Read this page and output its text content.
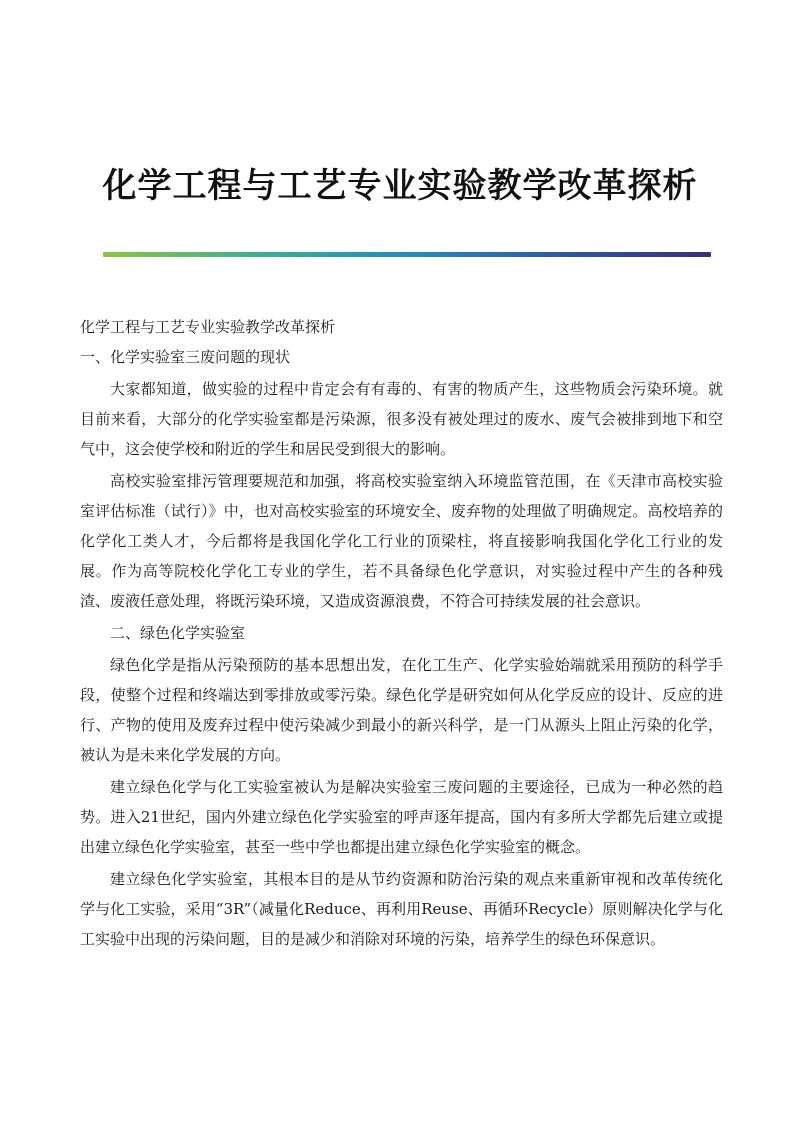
化学工程与工艺专业实验教学改革探析

化学工程与工艺专业实验教学改革探析

一、化学实验室三废问题的现状

大家都知道，做实验的过程中肯定会有有毒的、有害的物质产生，这些物质会污染环境。就目前来看，大部分的化学实验室都是污染源，很多没有被处理过的废水、废气会被排到地下和空气中，这会使学校和附近的学生和居民受到很大的影响。

高校实验室排污管理要规范和加强，将高校实验室纳入环境监管范围，在《天津市高校实验室评估标准（试行）》中，也对高校实验室的环境安全、废弃物的处理做了明确规定。高校培养的化学化工类人才，今后都将是我国化学化工行业的顶梁柱，将直接影响我国化学化工行业的发展。作为高等院校化学化工专业的学生，若不具备绿色化学意识，对实验过程中产生的各种残渣、废液任意处理，将既污染环境，又造成资源浪费，不符合可持续发展的社会意识。

二、绿色化学实验室

绿色化学是指从污染预防的基本思想出发，在化工生产、化学实验始端就采用预防的科学手段，使整个过程和终端达到零排放或零污染。绿色化学是研究如何从化学反应的设计、反应的进行、产物的使用及废弃过程中使污染减少到最小的新兴科学，是一门从源头上阻止污染的化学，被认为是未来化学发展的方向。

建立绿色化学与化工实验室被认为是解决实验室三废问题的主要途径，已成为一种必然的趋势。进入21世纪，国内外建立绿色化学实验室的呼声逐年提高，国内有多所大学都先后建立或提出建立绿色化学实验室，甚至一些中学也都提出建立绿色化学实验室的概念。

建立绿色化学实验室，其根本目的是从节约资源和防治污染的观点来重新审视和改革传统化学与化工实验，采用“3R”（减量化Reduce、再利用Reuse、再循环Recycle）原则解决化学与化工实验中出现的污染问题，目的是减少和消除对环境的污染，培养学生的绿色环保意识。
